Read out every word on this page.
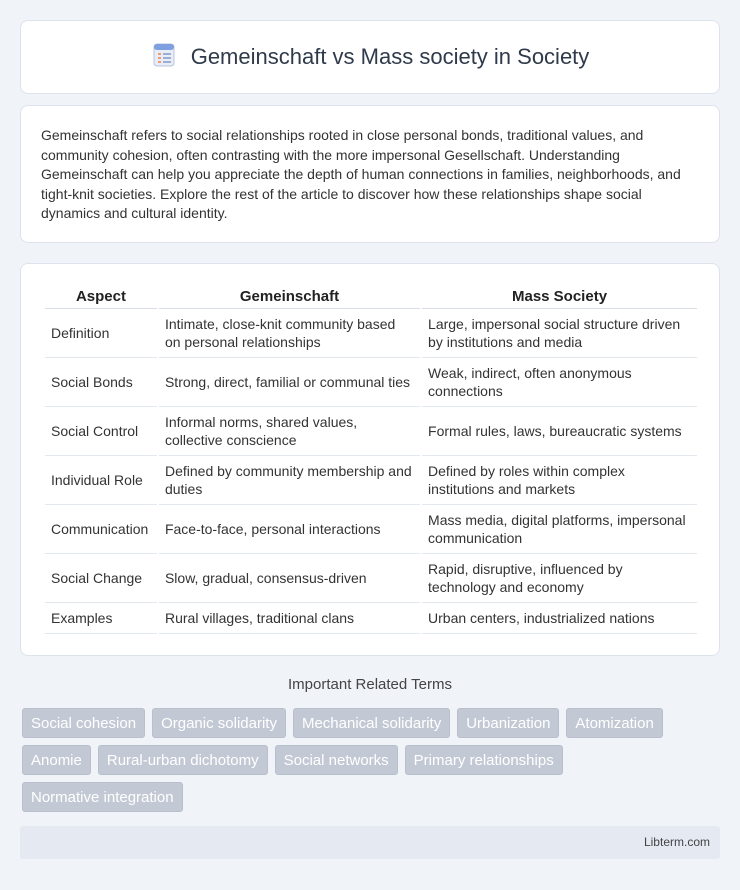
Gemeinschaft vs Mass society in Society

Gemeinschaft refers to social relationships rooted in close personal bonds, traditional values, and community cohesion, often contrasting with the more impersonal Gesellschaft. Understanding Gemeinschaft can help you appreciate the depth of human connections in families, neighborhoods, and tight-knit societies. Explore the rest of the article to discover how these relationships shape social dynamics and cultural identity.

Aspect	Gemeinschaft	Mass Society
Definition	Intimate, close-knit community based on personal relationships	Large, impersonal social structure driven by institutions and media
Social Bonds	Strong, direct, familial or communal ties	Weak, indirect, often anonymous connections
Social Control	Informal norms, shared values, collective conscience	Formal rules, laws, bureaucratic systems
Individual Role	Defined by community membership and duties	Defined by roles within complex institutions and markets
Communication	Face-to-face, personal interactions	Mass media, digital platforms, impersonal communication
Social Change	Slow, gradual, consensus-driven	Rapid, disruptive, influenced by technology and economy
Examples	Rural villages, traditional clans	Urban centers, industrialized nations
Important Related Terms
Social cohesion	Organic solidarity	Mechanical solidarity	Urbanization	Atomization
Anomie	Rural-urban dichotomy	Social networks	Primary relationships
Normative integration
Libterm.com
